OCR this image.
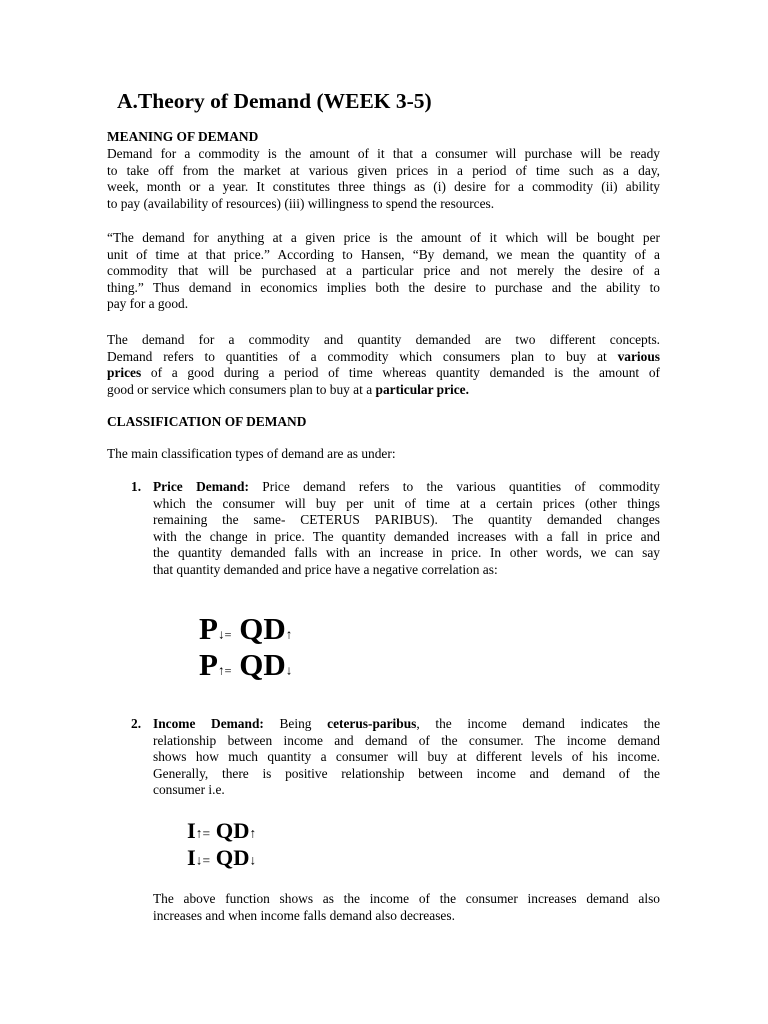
A.Theory of Demand (WEEK 3-5)
MEANING OF DEMAND
Demand for a commodity is the amount of it that a consumer will purchase will be ready
to take off from the market at various given prices in a period of time such as a day,
week, month or a year. It constitutes three things as (i) desire for a commodity (ii) ability
to pay (availability of resources) (iii) willingness to spend the resources.
“The demand for anything at a given price is the amount of it which will be bought per
unit of time at that price.” According to Hansen, “By demand, we mean the quantity of a
commodity that will be purchased at a particular price and not merely the desire of a
thing.” Thus demand in economics implies both the desire to purchase and the ability to
pay for a good.
The demand for a commodity and quantity demanded are two different concepts.
Demand refers to quantities of a commodity which consumers plan to buy at various
prices of a good during a period of time whereas quantity demanded is the amount of
good or service which consumers plan to buy at a particular price.
CLASSIFICATION OF DEMAND
The main classification types of demand are as under:
1. Price Demand: Price demand refers to the various quantities of commodity
which the consumer will buy per unit of time at a certain prices (other things
remaining the same- CETERUS PARIBUS). The quantity demanded changes
with the change in price. The quantity demanded increases with a fall in price and
the quantity demanded falls with an increase in price. In other words, we can say
that quantity demanded and price have a negative correlation as:
P↓= QD↑
P↑= QD↓
2. Income Demand: Being ceterus-paribus, the income demand indicates the
relationship between income and demand of the consumer. The income demand
shows how much quantity a consumer will buy at different levels of his income.
Generally, there is positive relationship between income and demand of the
consumer i.e.
I↑= QD↑
I↓= QD↓
The above function shows as the income of the consumer increases demand also
increases and when income falls demand also decreases.
